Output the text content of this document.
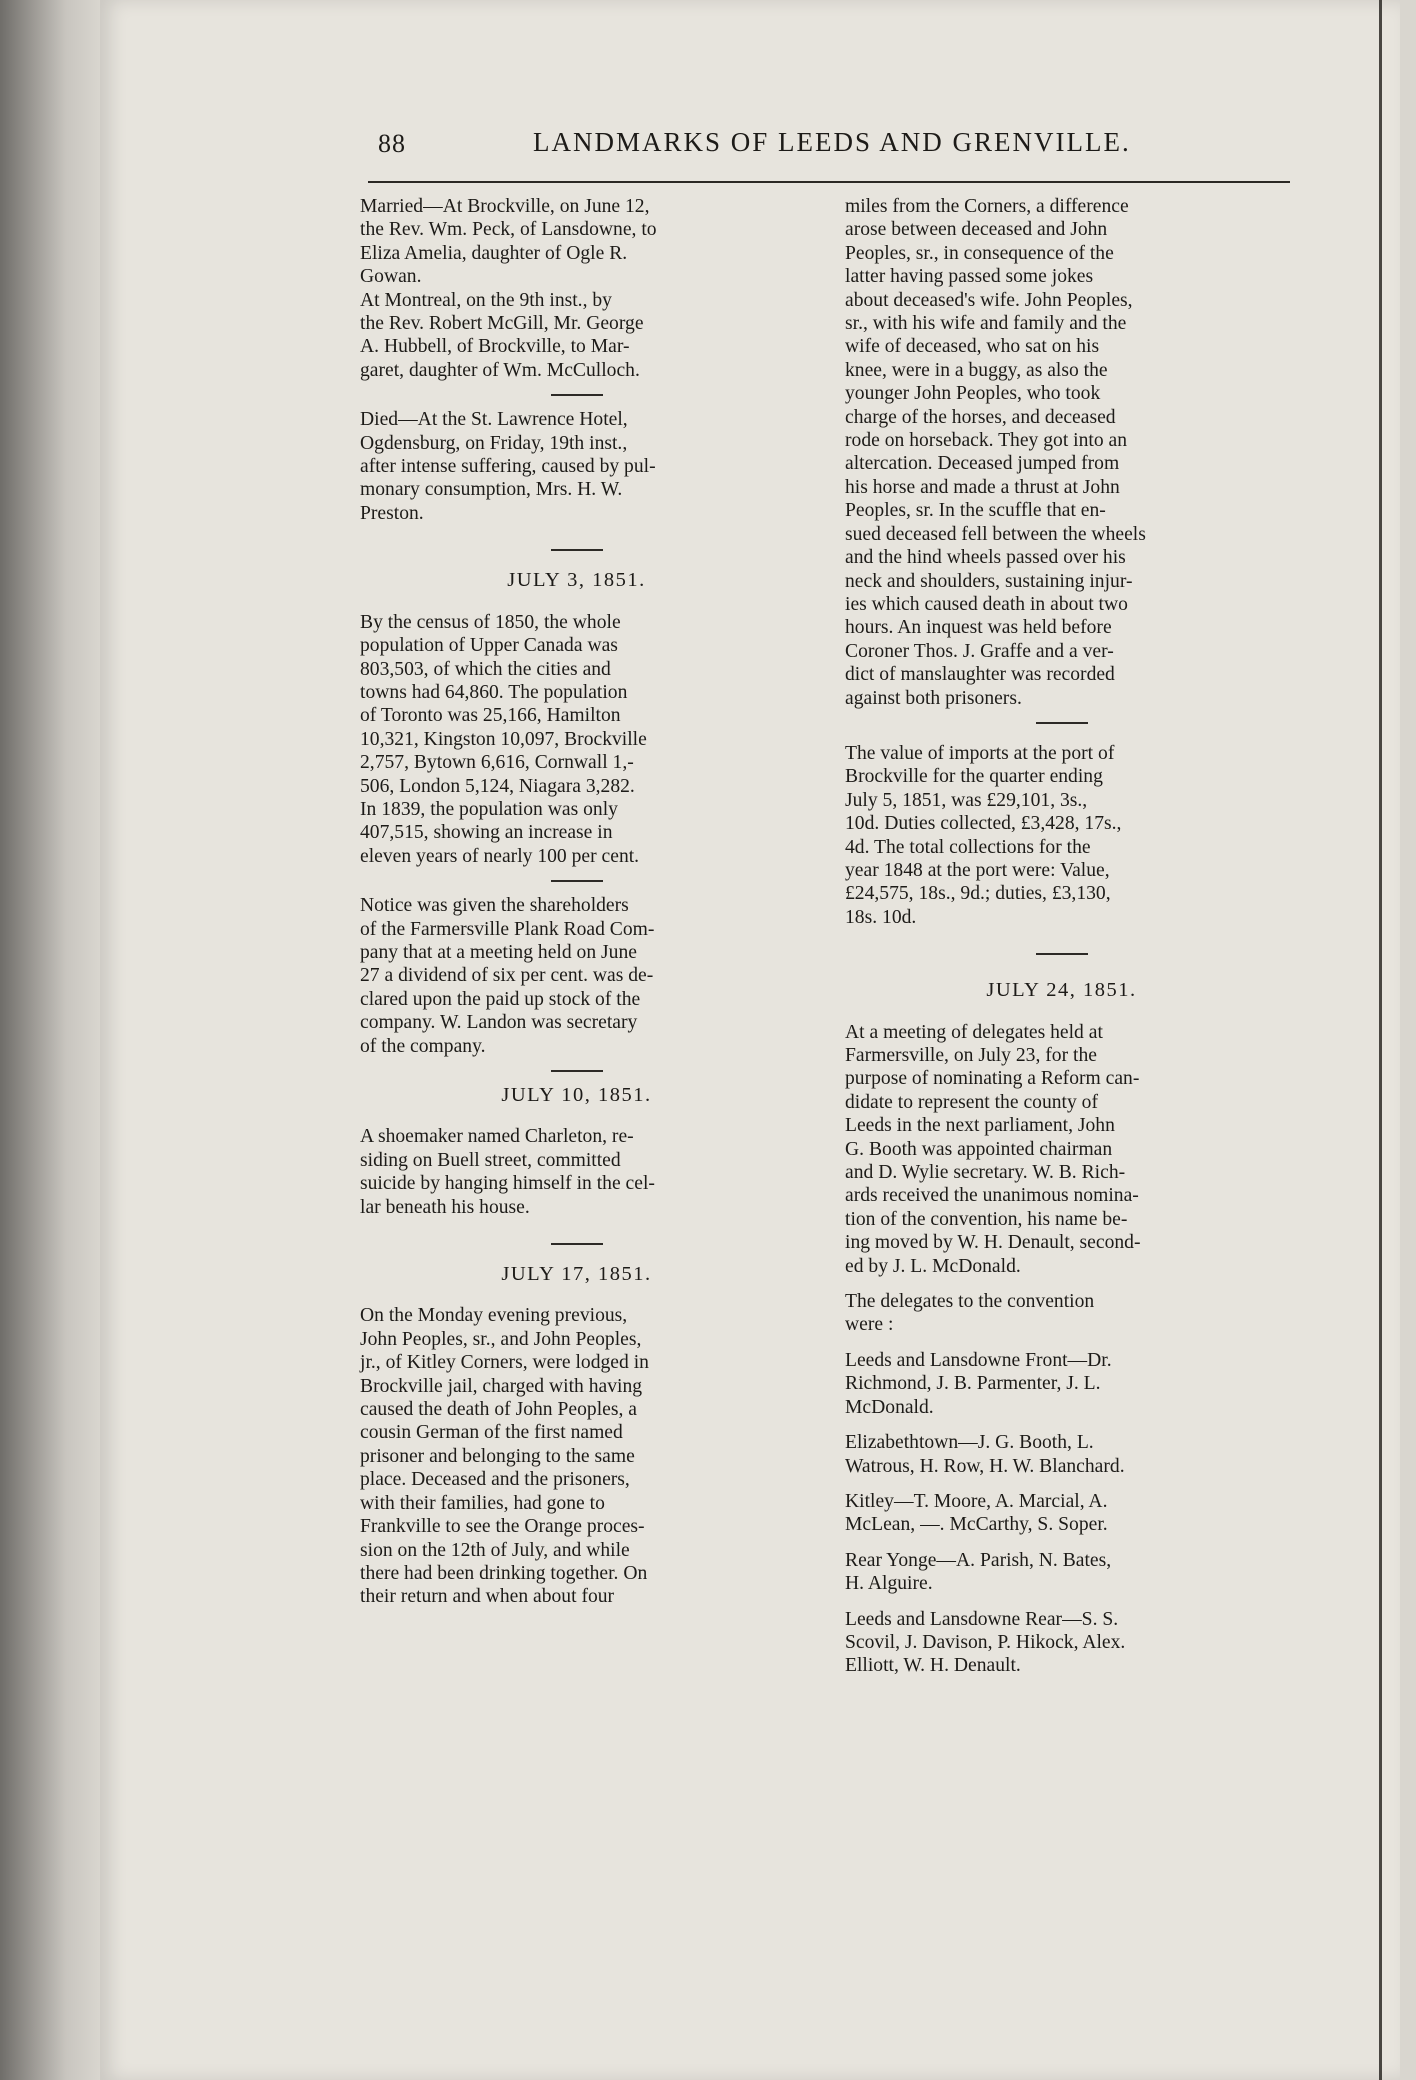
88	LANDMARKS OF LEEDS AND GRENVILLE.

Married—At Brockville, on June 12,
the Rev. Wm. Peck, of Lansdowne, to
Eliza Amelia, daughter of Ogle R.
Gowan.

At Montreal, on the 9th inst., by
the Rev. Robert McGill, Mr. George
A. Hubbell, of Brockville, to Mar-
garet, daughter of Wm. McCulloch.

Died—At the St. Lawrence Hotel,
Ogdensburg, on Friday, 19th inst.,
after intense suffering, caused by pul-
monary consumption, Mrs. H. W.
Preston.

JULY 3, 1851.

By the census of 1850, the whole
population of Upper Canada was
803,503, of which the cities and
towns had 64,860. The population
of Toronto was 25,166, Hamilton
10,321, Kingston 10,097, Brockville
2,757, Bytown 6,616, Cornwall 1,-
506, London 5,124, Niagara 3,282.
In 1839, the population was only
407,515, showing an increase in
eleven years of nearly 100 per cent.

Notice was given the shareholders
of the Farmersville Plank Road Com-
pany that at a meeting held on June
27 a dividend of six per cent. was de-
clared upon the paid up stock of the
company. W. Landon was secretary
of the company.

JULY 10, 1851.

A shoemaker named Charleton, re-
siding on Buell street, committed
suicide by hanging himself in the cel-
lar beneath his house.

JULY 17, 1851.

On the Monday evening previous,
John Peoples, sr., and John Peoples,
jr., of Kitley Corners, were lodged in
Brockville jail, charged with having
caused the death of John Peoples, a
cousin German of the first named
prisoner and belonging to the same
place. Deceased and the prisoners,
with their families, had gone to
Frankville to see the Orange proces-
sion on the 12th of July, and while
there had been drinking together. On
their return and when about four

miles from the Corners, a difference
arose between deceased and John
Peoples, sr., in consequence of the
latter having passed some jokes
about deceased's wife. John Peoples,
sr., with his wife and family and the
wife of deceased, who sat on his
knee, were in a buggy, as also the
younger John Peoples, who took
charge of the horses, and deceased
rode on horseback. They got into an
altercation. Deceased jumped from
his horse and made a thrust at John
Peoples, sr. In the scuffle that en-
sued deceased fell between the wheels
and the hind wheels passed over his
neck and shoulders, sustaining injur-
ies which caused death in about two
hours. An inquest was held before
Coroner Thos. J. Graffe and a ver-
dict of manslaughter was recorded
against both prisoners.

The value of imports at the port of
Brockville for the quarter ending
July 5, 1851, was £29,101, 3s.,
10d. Duties collected, £3,428, 17s.,
4d. The total collections for the
year 1848 at the port were: Value,
£24,575, 18s., 9d.; duties, £3,130,
18s. 10d.

JULY 24, 1851.

At a meeting of delegates held at
Farmersville, on July 23, for the
purpose of nominating a Reform can-
didate to represent the county of
Leeds in the next parliament, John
G. Booth was appointed chairman
and D. Wylie secretary. W. B. Rich-
ards received the unanimous nomina-
tion of the convention, his name be-
ing moved by W. H. Denault, second-
ed by J. L. McDonald.

The delegates to the convention
were :

Leeds and Lansdowne Front—Dr.
Richmond, J. B. Parmenter, J. L.
McDonald.

Elizabethtown—J. G. Booth, L.
Watrous, H. Row, H. W. Blanchard.

Kitley—T. Moore, A. Marcial, A.
McLean, —. McCarthy, S. Soper.

Rear Yonge—A. Parish, N. Bates,
H. Alguire.

Leeds and Lansdowne Rear—S. S.
Scovil, J. Davison, P. Hikock, Alex.
Elliott, W. H. Denault.
